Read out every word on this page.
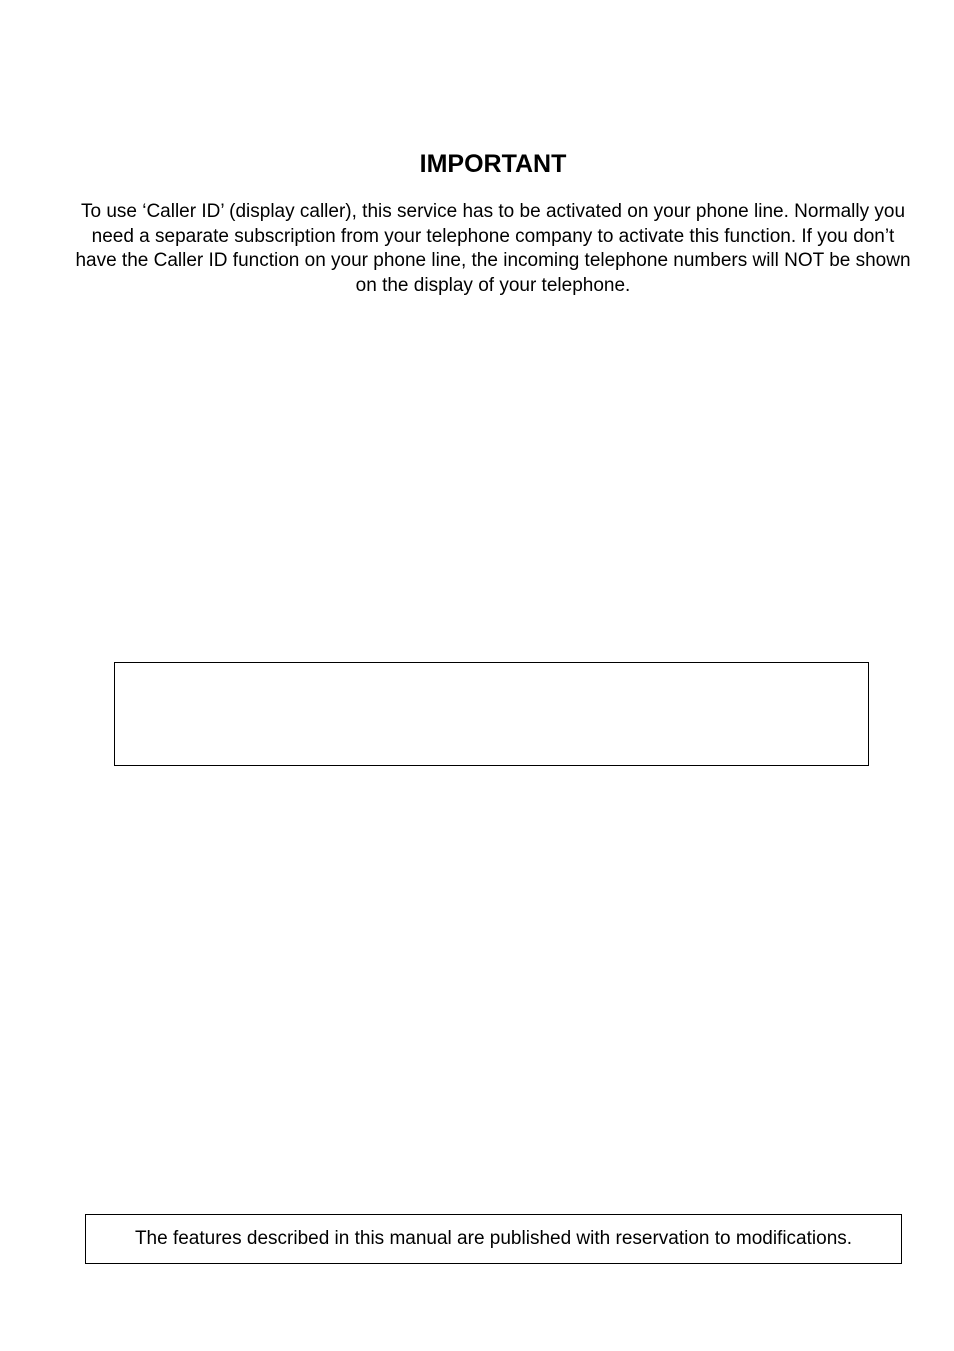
IMPORTANT

To use ‘Caller ID’ (display caller), this service has to be activated on your phone line. Normally you need a separate subscription from your telephone company to activate this function. If you don’t have the Caller ID function on your phone line, the incoming telephone numbers will NOT be shown on the display of your telephone.

The features described in this manual are published with reservation to modifications.
